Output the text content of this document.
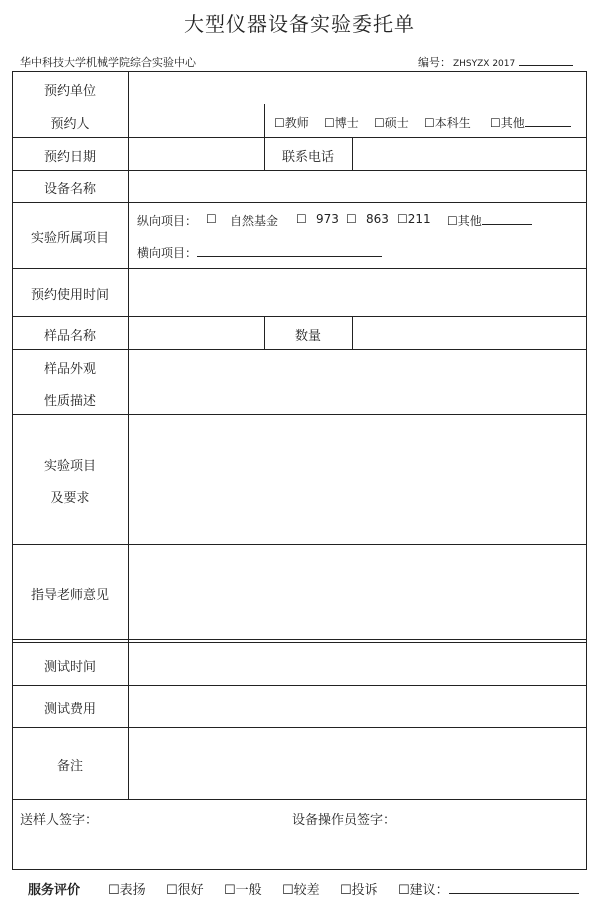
大型仪器设备实验委托单
华中科技大学机械学院综合实验中心	编号： ZHSYZX 2017
预约单位
预约人	☐教师 ☐博士 ☐硕士 ☐本科生 ☐其他
预约日期	联系电话
设备名称
实验所属项目
纵向项目： ☐ 自然基金 ☐ 973 ☐ 863 ☐211 ☐其他
横向项目：
预约使用时间
样品名称	数量
样品外观
性质描述
实验项目
及要求
指导老师意见
测试时间
测试费用
备注
送样人签字：	设备操作员签字：
服务评价 ☐表扬 ☐很好 ☐一般 ☐较差 ☐投诉 ☐建议：
